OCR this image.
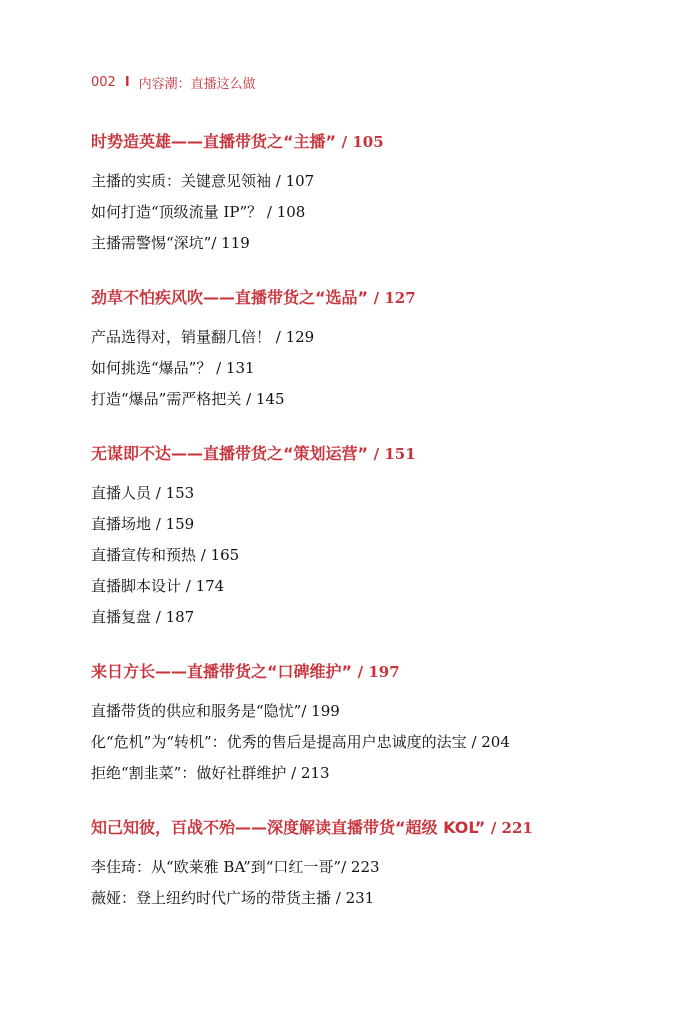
002 I 内容潮：直播这么做
时势造英雄——直播带货之“主播” / 105
主播的实质：关键意见领袖 / 107
如何打造“顶级流量 IP”？ / 108
主播需警惕“深坑”/ 119
劲草不怕疾风吹——直播带货之“选品” / 127
产品选得对，销量翻几倍！ / 129
如何挑选“爆品”？ / 131
打造“爆品”需严格把关 / 145
无谋即不达——直播带货之“策划运营” / 151
直播人员 / 153
直播场地 / 159
直播宣传和预热 / 165
直播脚本设计 / 174
直播复盘 / 187
来日方长——直播带货之“口碑维护” / 197
直播带货的供应和服务是“隐忧”/ 199
化“危机”为“转机”：优秀的售后是提高用户忠诚度的法宝 / 204
拒绝“割韭菜”：做好社群维护 / 213
知己知彼，百战不殆——深度解读直播带货“超级 KOL” / 221
李佳琦：从“欧莱雅 BA”到“口红一哥”/ 223
薇娅：登上纽约时代广场的带货主播 / 231
